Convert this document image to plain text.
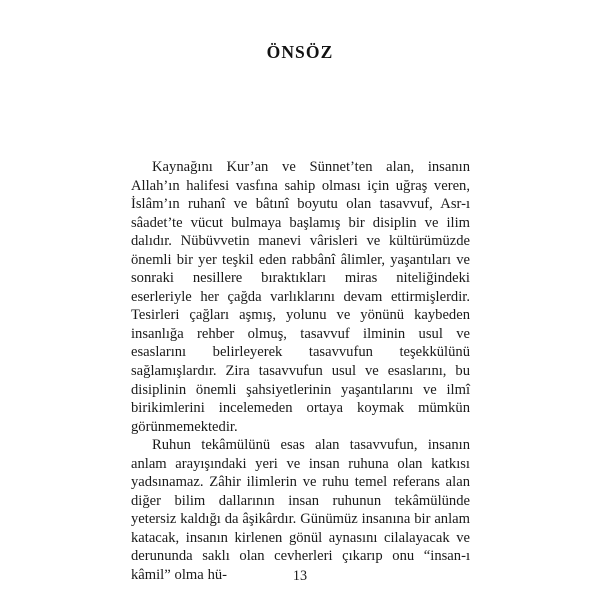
ÖNSÖZ

Kaynağını Kur’an ve Sünnet’ten alan, insanın Allah’ın halifesi vasfına sahip olması için uğraş veren, İslâm’ın ruhanî ve bâtınî boyutu olan tasavvuf, Asr-ı sâadet’te vücut bulmaya başlamış bir disiplin ve ilim dalıdır. Nübüvvetin manevi vârisleri ve kültürümüzde önemli bir yer teşkil eden rabbânî âlimler, yaşantıları ve sonraki nesillere bıraktıkları miras niteliğindeki eserleriyle her çağda varlıklarını devam ettirmişlerdir. Tesirleri çağları aşmış, yolunu ve yönünü kaybeden insanlığa rehber olmuş, tasavvuf ilminin usul ve esaslarını belirleyerek tasavvufun teşekkülünü sağlamışlardır. Zira tasavvufun usul ve esaslarını, bu disiplinin önemli şahsiyetlerinin yaşantılarını ve ilmî birikimlerini incelemeden ortaya koymak mümkün görünmemektedir.

Ruhun tekâmülünü esas alan tasavvufun, insanın anlam arayışındaki yeri ve insan ruhuna olan katkısı yadsınamaz. Zâhir ilimlerin ve ruhu temel referans alan diğer bilim dallarının insan ruhunun tekâmülünde yetersiz kaldığı da âşikârdır. Günümüz insanına bir anlam katacak, insanın kirlenen gönül aynasını cilalayacak ve derununda saklı olan cevherleri çıkarıp onu “insan-ı kâmil” olma hü-	13
